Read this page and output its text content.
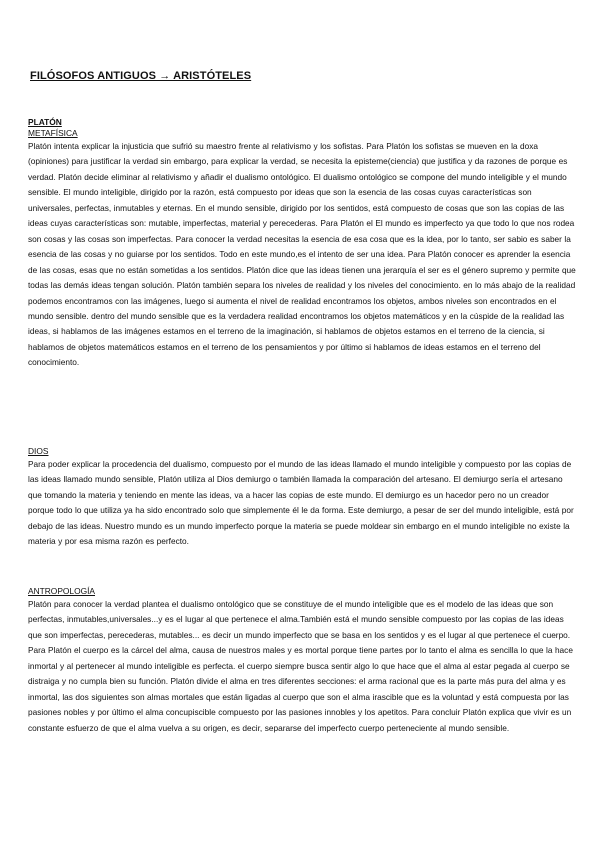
FILÓSOFOS ANTIGUOS → ARISTÓTELES
PLATÓN
METAFÍSICA
Platón intenta explicar la injusticia que sufrió su maestro frente al relativismo y los sofistas. Para Platón los sofistas se mueven en la doxa (opiniones) para justificar la verdad sin embargo, para explicar la verdad, se necesita la episteme(ciencia) que justifica y da razones de porque es verdad. Platón decide eliminar al relativismo y añadir el dualismo ontológico. El dualismo ontológico se compone del mundo inteligible y el mundo sensible. El mundo inteligible, dirigido por la razón, está compuesto por ideas que son la esencia de las cosas cuyas características son universales, perfectas, inmutables y eternas. En el mundo sensible, dirigido por los sentidos, está compuesto de cosas que son las copias de las ideas cuyas características son: mutable, imperfectas, material y perecederas. Para Platón el El mundo es imperfecto ya que todo lo que nos rodea son cosas y las cosas son imperfectas. Para conocer la verdad necesitas la esencia de esa cosa que es la idea, por lo tanto, ser sabio es saber la esencia de las cosas y no guiarse por los sentidos. Todo en este mundo,es el intento de ser una idea. Para Platón conocer es aprender la esencia de las cosas, esas que no están sometidas a los sentidos. Platón dice que las ideas tienen una jerarquía el ser es el género supremo y permite que todas las demás ideas tengan solución. Platón también separa los niveles de realidad y los niveles del conocimiento. en lo más abajo de la realidad podemos encontramos con las imágenes, luego si aumenta el nivel de realidad encontramos los objetos, ambos niveles son encontrados en el mundo sensible. dentro del mundo sensible que es la verdadera realidad encontramos los objetos matemáticos y en la cúspide de la realidad las ideas, si hablamos de las imágenes estamos en el terreno de la imaginación, si hablamos de objetos estamos en el terreno de la ciencia, si hablamos de objetos matemáticos estamos en el terreno de los pensamientos y por último si hablamos de ideas estamos en el terreno del conocimiento.
DIOS
Para poder explicar la procedencia del dualismo, compuesto por el mundo de las ideas llamado el mundo inteligible y compuesto por las copias de las ideas llamado mundo sensible, Platón utiliza al Dios demiurgo o también llamada la comparación del artesano. El demiurgo sería el artesano que tomando la materia y teniendo en mente las ideas, va a hacer las copias de este mundo. El demiurgo es un hacedor pero no un creador porque todo lo que utiliza ya ha sido encontrado solo que simplemente él le da forma. Este demiurgo, a pesar de ser del mundo inteligible, está por debajo de las ideas. Nuestro mundo es un mundo imperfecto porque la materia se puede moldear sin embargo en el mundo inteligible no existe la materia y por esa misma razón es perfecto.
ANTROPOLOGÍA
Platón para conocer la verdad plantea el dualismo ontológico que se constituye de el mundo inteligible que es el modelo de las ideas que son perfectas, inmutables,universales...y es el lugar al que pertenece el alma.También está el mundo sensible compuesto por las copias de las ideas que son imperfectas, perecederas, mutables... es decir un mundo imperfecto que se basa en los sentidos y es el lugar al que pertenece el cuerpo. Para Platón el cuerpo es la cárcel del alma, causa de nuestros males y es mortal porque tiene partes por lo tanto el alma es sencilla lo que la hace inmortal y al pertenecer al mundo inteligible es perfecta. el cuerpo siempre busca sentir algo lo que hace que el alma al estar pegada al cuerpo se distraiga y no cumpla bien su función. Platón divide el alma en tres diferentes secciones: el arma racional que es la parte más pura del alma y es inmortal, las dos siguientes son almas mortales que están ligadas al cuerpo que son el alma irascible que es la voluntad y está compuesta por las pasiones nobles y por último el alma concupiscible compuesto por las pasiones innobles y los apetitos. Para concluir Platón explica que vivir es un constante esfuerzo de que el alma vuelva a su origen, es decir, separarse del imperfecto cuerpo perteneciente al mundo sensible.
